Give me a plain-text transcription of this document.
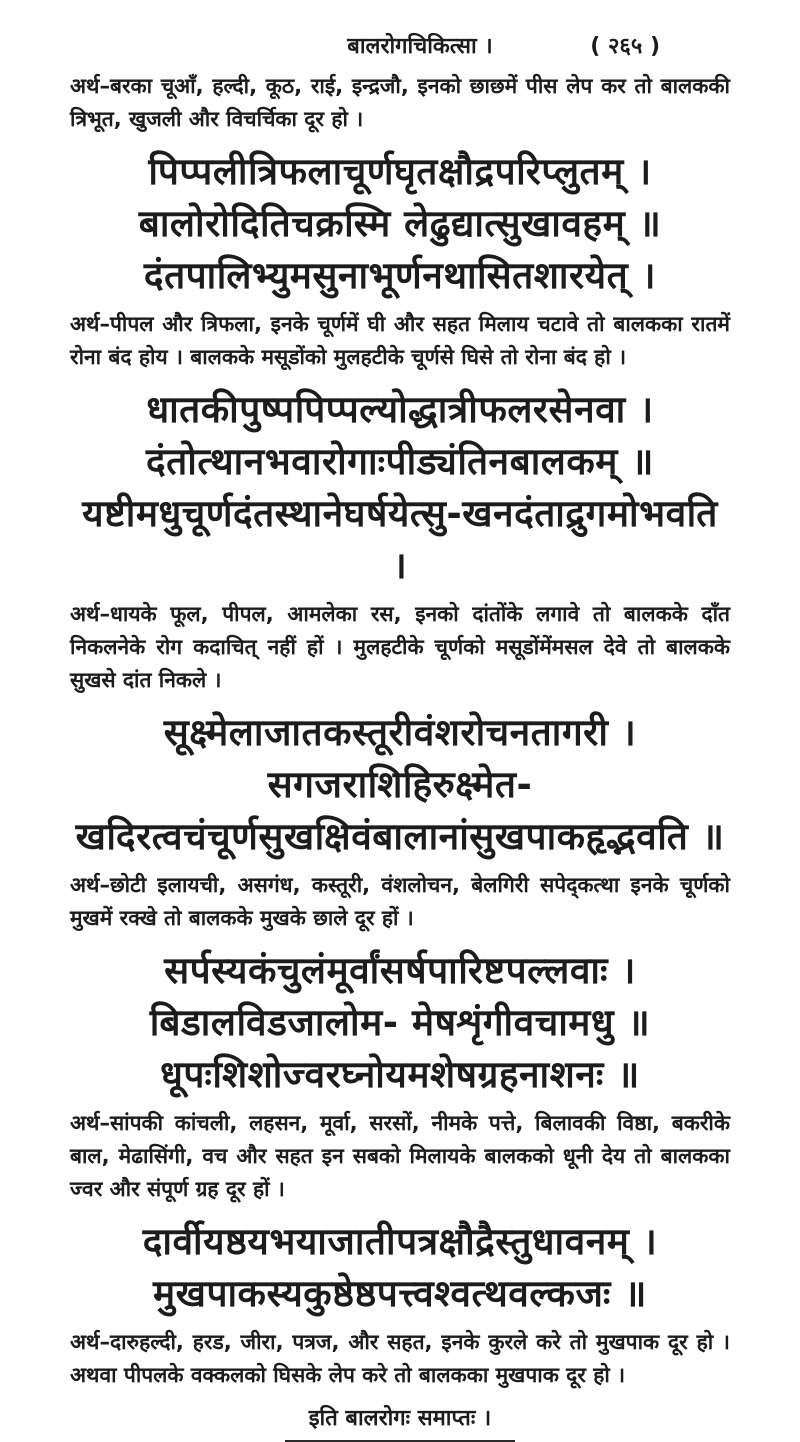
बालरोगचिकित्सा ।	( २६५ )

अर्थ–बरका चूआँ, हल्दी, कूठ, राई, इन्द्रजौ, इनको छाछमें पीस लेप कर तो बालककी त्रिभूत, खुजली और विचर्चिका दूर हो ।

पिप्पलीत्रिफलाचूर्णघृतक्षौद्रपरिप्लुतम् । बालोरोदितिचक्रस्मि लेढुद्यात्सुखावहम् ॥ दंतपालिभ्युमसुनाभूर्णनथासितशारयेत् ।

अर्थ–पीपल और त्रिफला, इनके चूर्णमें घी और सहत मिलाय चटावे तो बालकका रातमें रोना बंद होय । बालकके मसूडोंको मुलहटीके चूर्णसे घिसे तो रोना बंद हो ।

धातकीपुष्पपिप्पल्योद्धात्रीफलरसेनवा । दंतोत्थानभवारोगाःपीड्यंतिनबालकम् ॥ यष्टीमधुचूर्णदंतस्थानेघर्षयेत्सु-खनदंताद्रुगमोभवति ।

अर्थ–धायके फूल, पीपल, आमलेका रस, इनको दांतोंके लगावे तो बालकके दाँत निकलनेके रोग कदाचित् नहीं हों । मुलहटीके चूर्णको मसूडोंमेंमसल देवे तो बालकके सुखसे दांत निकले ।

सूक्ष्मेलाजातकस्तूरीवंशरोचनतागरी । सगजराशिहिरुक्ष्मेत- खदिरत्वचंचूर्णसुखक्षिवंबालानांसुखपाकहृद्भवति ॥

अर्थ–छोटी इलायची, असगंध, कस्तूरी, वंशलोचन, बेलगिरी सपेद्कत्था इनके चूर्णको मुखमें रक्खे तो बालकके मुखके छाले दूर हों ।

सर्पस्यकंचुलंमूर्वांसर्षपारिष्टपल्लवाः । बिडालविडजालोम- मेषशृंगीवचामधु ॥ धूपःशिशोज्वरघ्नोयमशेषग्रहनाशनः ॥

अर्थ–सांपकी कांचली, लहसन, मूर्वा, सरसों, नीमके पत्ते, बिलावकी विष्ठा, बकरीके बाल, मेढासिंगी, वच और सहत इन सबको मिलायके बालकको धूनी देय तो बालकका ज्वर और संपूर्ण ग्रह दूर हों ।

दार्वीयष्ठयभयाजातीपत्रक्षौद्रैस्तुधावनम् । मुखपाकस्यकुष्ठेष्ठपत्त्वश्वत्थवल्कजः ॥

अर्थ–दारुहल्दी, हरड, जीरा, पत्रज, और सहत, इनके कुरले करे तो मुखपाक दूर हो । अथवा पीपलके वक्कलको घिसके लेप करे तो बालकका मुखपाक दूर हो ।

इति बालरोगः समाप्तः ।
